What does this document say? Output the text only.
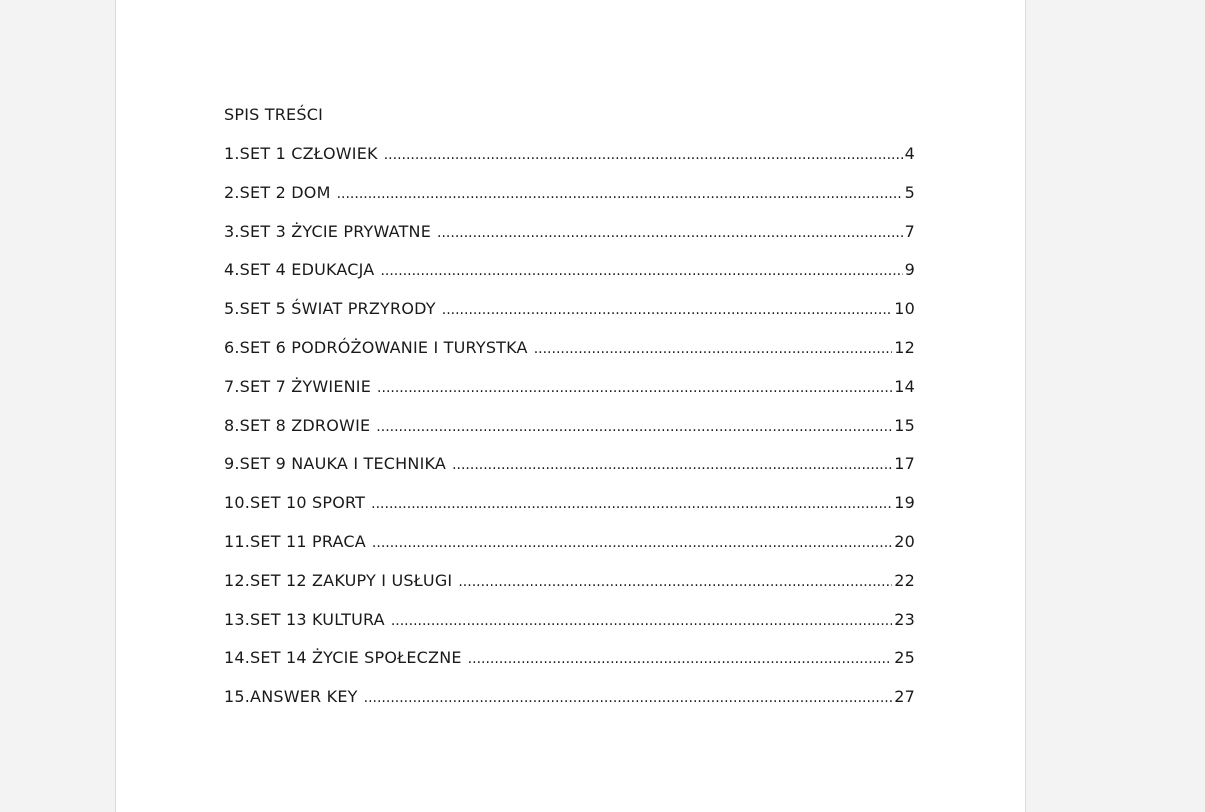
SPIS TREŚCI
1.SET 1 CZŁOWIEK .....	4
2.SET 2 DOM .....	5
3.SET 3 ŻYCIE PRYWATNE .....	7
4.SET 4 EDUKACJA .....	9
5.SET 5 ŚWIAT PRZYRODY .....	10
6.SET 6 PODRÓŻOWANIE I TURYSTKA .....	12
7.SET 7 ŻYWIENIE .....	14
8.SET 8 ZDROWIE .....	15
9.SET 9 NAUKA I TECHNIKA .....	17
10.SET 10 SPORT .....	19
11.SET 11 PRACA .....	20
12.SET 12 ZAKUPY I USŁUGI .....	22
13.SET 13 KULTURA .....	23
14.SET 14 ŻYCIE SPOŁECZNE .....	25
15.ANSWER KEY .....	27
